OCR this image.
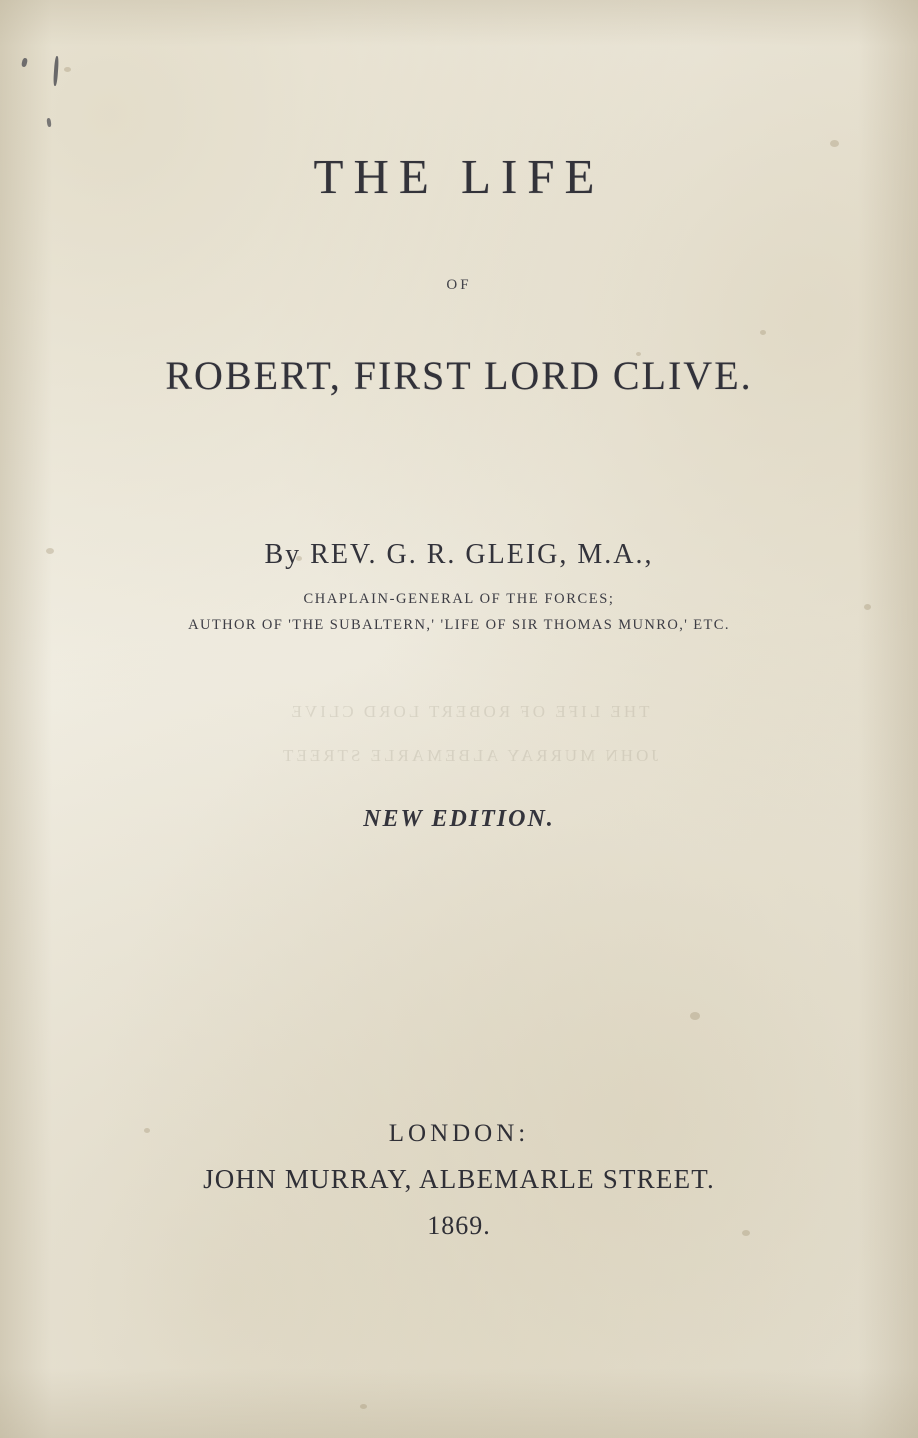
THE LIFE OF ROBERT LORD CLIVE
JOHN MURRAY ALBEMARLE STREET
THE LIFE
OF
ROBERT, FIRST LORD CLIVE.
By REV. G. R. GLEIG, M.A.,
CHAPLAIN-GENERAL OF THE FORCES;
AUTHOR OF 'THE SUBALTERN,' 'LIFE OF SIR THOMAS MUNRO,' ETC.
NEW EDITION.
LONDON:
JOHN MURRAY, ALBEMARLE STREET.
1869.
